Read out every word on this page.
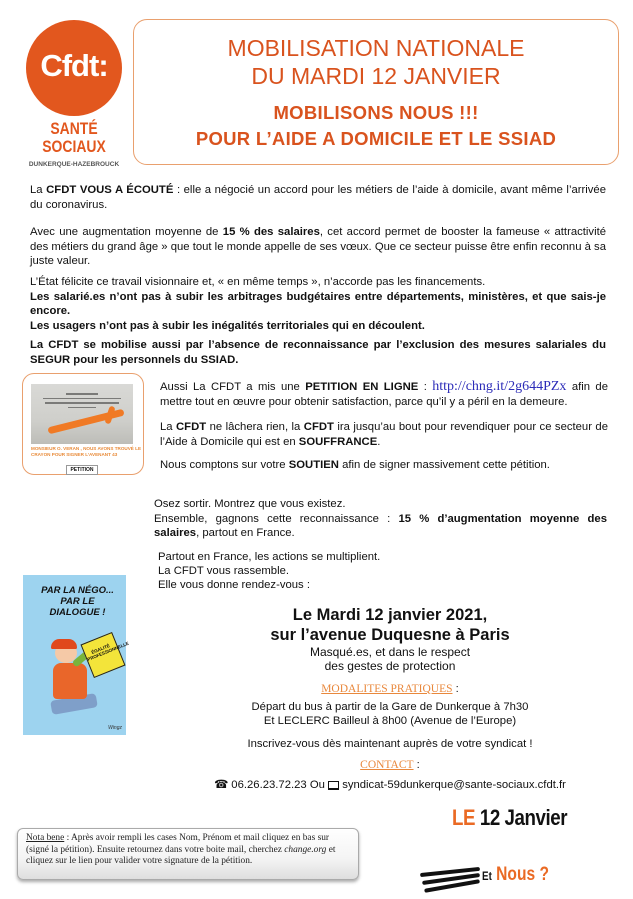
Cfdt:
SANTÉ
SOCIAUX
DUNKERQUE-HAZEBROUCK
MOBILISATION NATIONALE
DU MARDI 12 JANVIER
MOBILISONS NOUS !!!
POUR L’AIDE A DOMICILE ET LE SSIAD
La CFDT VOUS A ÉCOUTÉ : elle a négocié un accord pour les métiers de l’aide à domicile, avant même l’arrivée du coronavirus.
Avec une augmentation moyenne de 15 % des salaires, cet accord permet de booster la fameuse « attractivité des métiers du grand âge » que tout le monde appelle de ses vœux. Que ce secteur puisse être enfin reconnu à sa juste valeur.
L’État félicite ce travail visionnaire et, « en même temps », n’accorde pas les financements.
Les salarié.es n’ont pas à subir les arbitrages budgétaires entre départements, ministères, et que sais-je encore.
Les usagers n’ont pas à subir les inégalités territoriales qui en découlent.
La CFDT se mobilise aussi par l’absence de reconnaissance par l’exclusion des mesures salariales du SEGUR pour les personnels du SSIAD.
MONSIEUR O. VERAN , NOUS AVONS TROUVÉ LE CRAYON POUR SIGNER L’AVENANT 43
PETITION
Aussi La CFDT a mis une PETITION EN LIGNE : http://chng.it/2g644PZx afin de mettre tout en œuvre pour obtenir satisfaction, parce qu’il y a péril en la demeure.
La CFDT ne lâchera rien, la CFDT ira jusqu’au bout pour revendiquer pour ce secteur de l’Aide à Domicile qui est en SOUFFRANCE.
Nous comptons sur votre SOUTIEN afin de signer massivement cette pétition.
Osez sortir. Montrez que vous existez.
Ensemble, gagnons cette reconnaissance : 15 % d’augmentation moyenne des salaires, partout en France.
PAR LA NÉGO... PAR LE DIALOGUE !
ÉGALITÉ PROFESSIONNELLE
Wingz
Partout en France, les actions se multiplient.
La CFDT vous rassemble.
Elle vous donne rendez-vous :
Le Mardi 12 janvier 2021,
sur l’avenue Duquesne à Paris
Masqué.es, et dans le respect
des gestes de protection
MODALITES PRATIQUES :
Départ du bus à partir de la Gare de Dunkerque à 7h30
Et LECLERC Bailleul à 8h00 (Avenue de l’Europe)
Inscrivez-vous dès maintenant auprès de votre syndicat !
CONTACT :
☎ 06.26.23.72.23 Ou syndicat-59dunkerque@sante-sociaux.cfdt.fr
Nota bene : Après avoir rempli les cases Nom, Prénom et mail cliquez en bas sur (signé la pétition). Ensuite retournez dans votre boite mail, cherchez change.org et cliquez sur le lien pour valider votre signature de la pétition.
LE 12 Janvier
Et Nous ?
